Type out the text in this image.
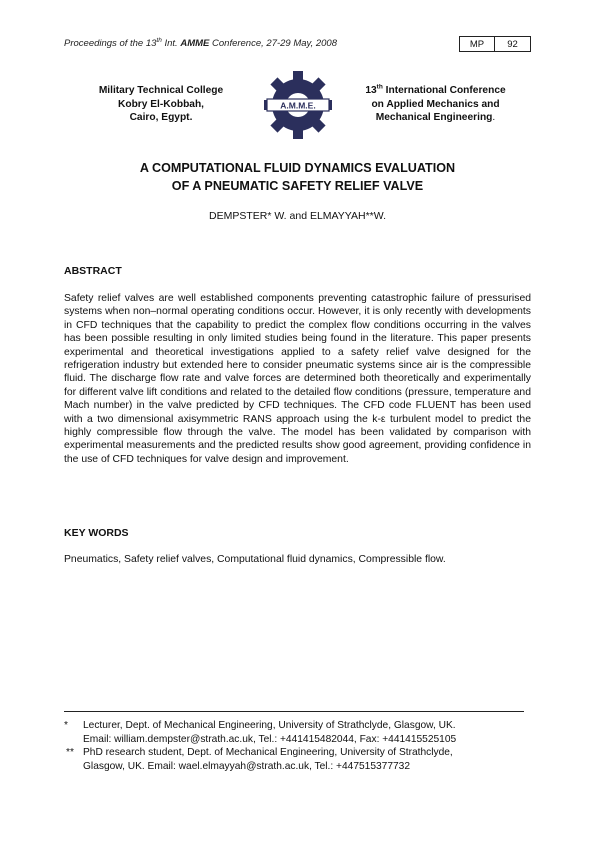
Proceedings of the 13th Int. AMME Conference, 27-29 May, 2008	MP	92
Military Technical College
Kobry El-Kobbah,
Cairo, Egypt.
A.M.M.E.
13th International Conference
on Applied Mechanics and
Mechanical Engineering.
A COMPUTATIONAL FLUID DYNAMICS EVALUATION
OF A PNEUMATIC SAFETY RELIEF VALVE
DEMPSTER* W. and ELMAYYAH**W.
ABSTRACT
Safety relief valves are well established components preventing catastrophic failure of pressurised systems when non–normal operating conditions occur. However, it is only recently with developments in CFD techniques that the capability to predict the complex flow conditions occurring in the valves has been possible resulting in only limited studies being found in the literature. This paper presents experimental and theoretical investigations applied to a safety relief valve designed for the refrigeration industry but extended here to consider pneumatic systems since air is the compressible fluid. The discharge flow rate and valve forces are determined both theoretically and experimentally for different valve lift conditions and related to the detailed flow conditions (pressure, temperature and Mach number) in the valve predicted by CFD techniques. The CFD code FLUENT has been used with a two dimensional axisymmetric RANS approach using the k-ε turbulent model to predict the highly compressible flow through the valve. The model has been validated by comparison with experimental measurements and the predicted results show good agreement, providing confidence in the use of CFD techniques for valve design and improvement.
KEY WORDS
Pneumatics, Safety relief valves, Computational fluid dynamics, Compressible flow.
* Lecturer, Dept. of Mechanical Engineering, University of Strathclyde, Glasgow, UK.
Email: william.dempster@strath.ac.uk, Tel.: +441415482044, Fax: +441415525105
** PhD research student, Dept. of Mechanical Engineering, University of Strathclyde,
Glasgow, UK. Email: wael.elmayyah@strath.ac.uk, Tel.: +447515377732
